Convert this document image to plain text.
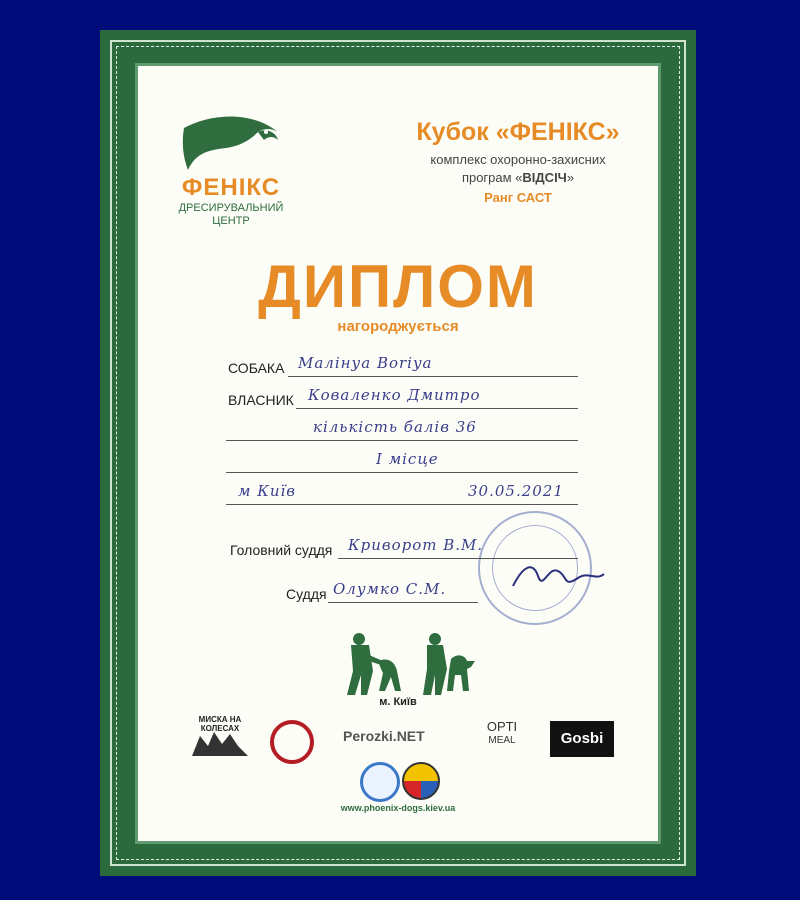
ФЕНІКС
ДРЕСИРУВАЛЬНИЙ
ЦЕНТР
Кубок «ФЕНІКС»
комплекс охоронно-захисних
програм «ВІДСІЧ»
Ранг САСТ
ДИПЛОМ
нагороджується
СОБАКА Малінуа Вoriya
ВЛАСНИК Коваленко Дмитро
кількість балів 36
І місце
м Київ	30.05.2021
Головний суддя Криворот В.М.
Суддя Олумко С.М.
м. Київ
МИСКА НА КОЛЕСАХ	Perozki.NET
OPTI
MEAL	Gosbi
www.phoenix-dogs.kiev.ua
